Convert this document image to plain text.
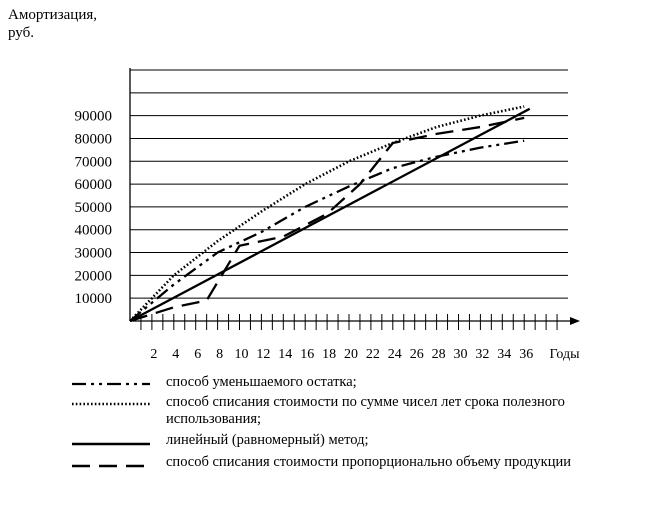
10000
20000
30000
40000
50000
60000
70000
80000
90000
2 4 6 8 10 12 14 16 18 20 22 24 26 28 30 32 34 36 Годы
Амортизация, руб.
способ уменьшаемого остатка;
способ списания стоимости по сумме чисел лет срока полезного использования;
линейный (равномерный) метод;
способ списания стоимости пропорционально объему продукции
